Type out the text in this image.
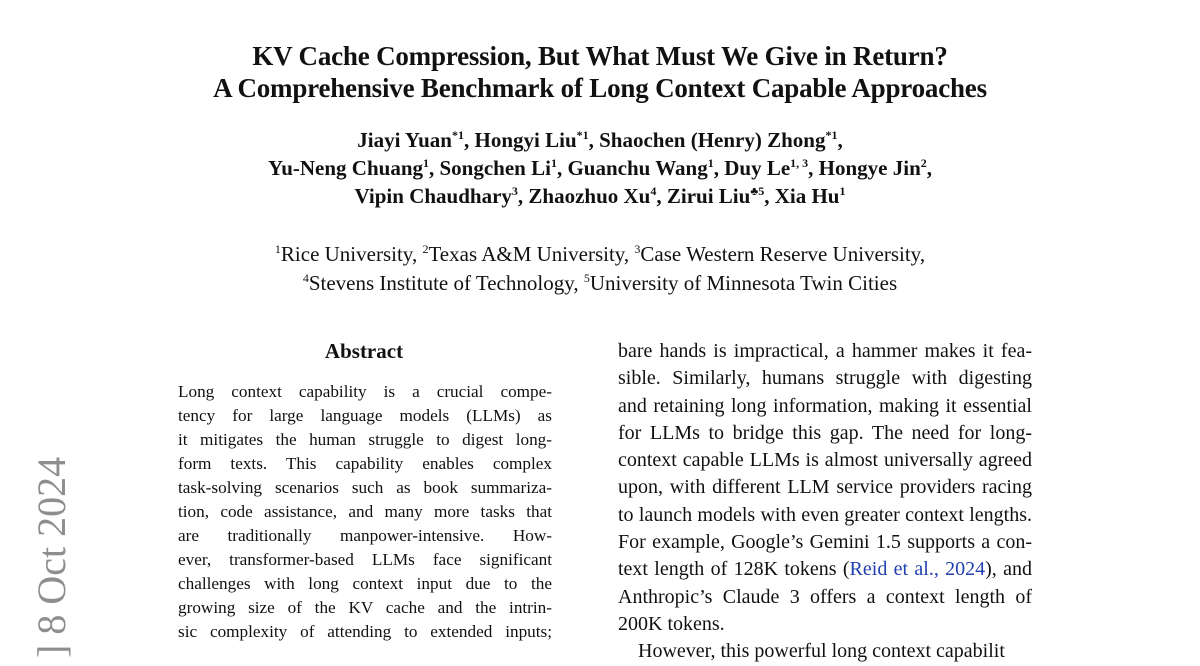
KV Cache Compression, But What Must We Give in Return?
A Comprehensive Benchmark of Long Context Capable Approaches
Jiayi Yuan$^{*1}$, Hongyi Liu$^{*1}$, Shaochen (Henry) Zhong$^{*1}$,
Yu-Neng Chuang$^1$, Songchen Li$^1$, Guanchu Wang$^1$, Duy Le$^{1, 3}$, Hongye Jin$^2$,
Vipin Chaudhary$^3$, Zhaozhuo Xu$^4$, Zirui Liu$^{♣5}$, Xia Hu$^1$
$^1$Rice University, $^2$Texas A&M University, $^3$Case Western Reserve University,
$^4$Stevens Institute of Technology, $^5$University of Minnesota Twin Cities
Abstract
Long context capability is a crucial compe-
tency for large language models (LLMs) as
it mitigates the human struggle to digest long-
form texts. This capability enables complex
task-solving scenarios such as book summariza-
tion, code assistance, and many more tasks that
are traditionally manpower-intensive. How-
ever, transformer-based LLMs face significant
challenges with long context input due to the
growing size of the KV cache and the intrin-
sic complexity of attending to extended inputs;
bare hands is impractical, a hammer makes it fea-
sible. Similarly, humans struggle with digesting
and retaining long information, making it essential
for LLMs to bridge this gap. The need for long-
context capable LLMs is almost universally agreed
upon, with different LLM service providers racing
to launch models with even greater context lengths.
For example, Google’s Gemini 1.5 supports a con-
text length of 128K tokens (Reid et al., 2024), and
Anthropic’s Claude 3 offers a context length of
200K tokens.
However, this powerful long context capabilit
] 8 Oct 2024
